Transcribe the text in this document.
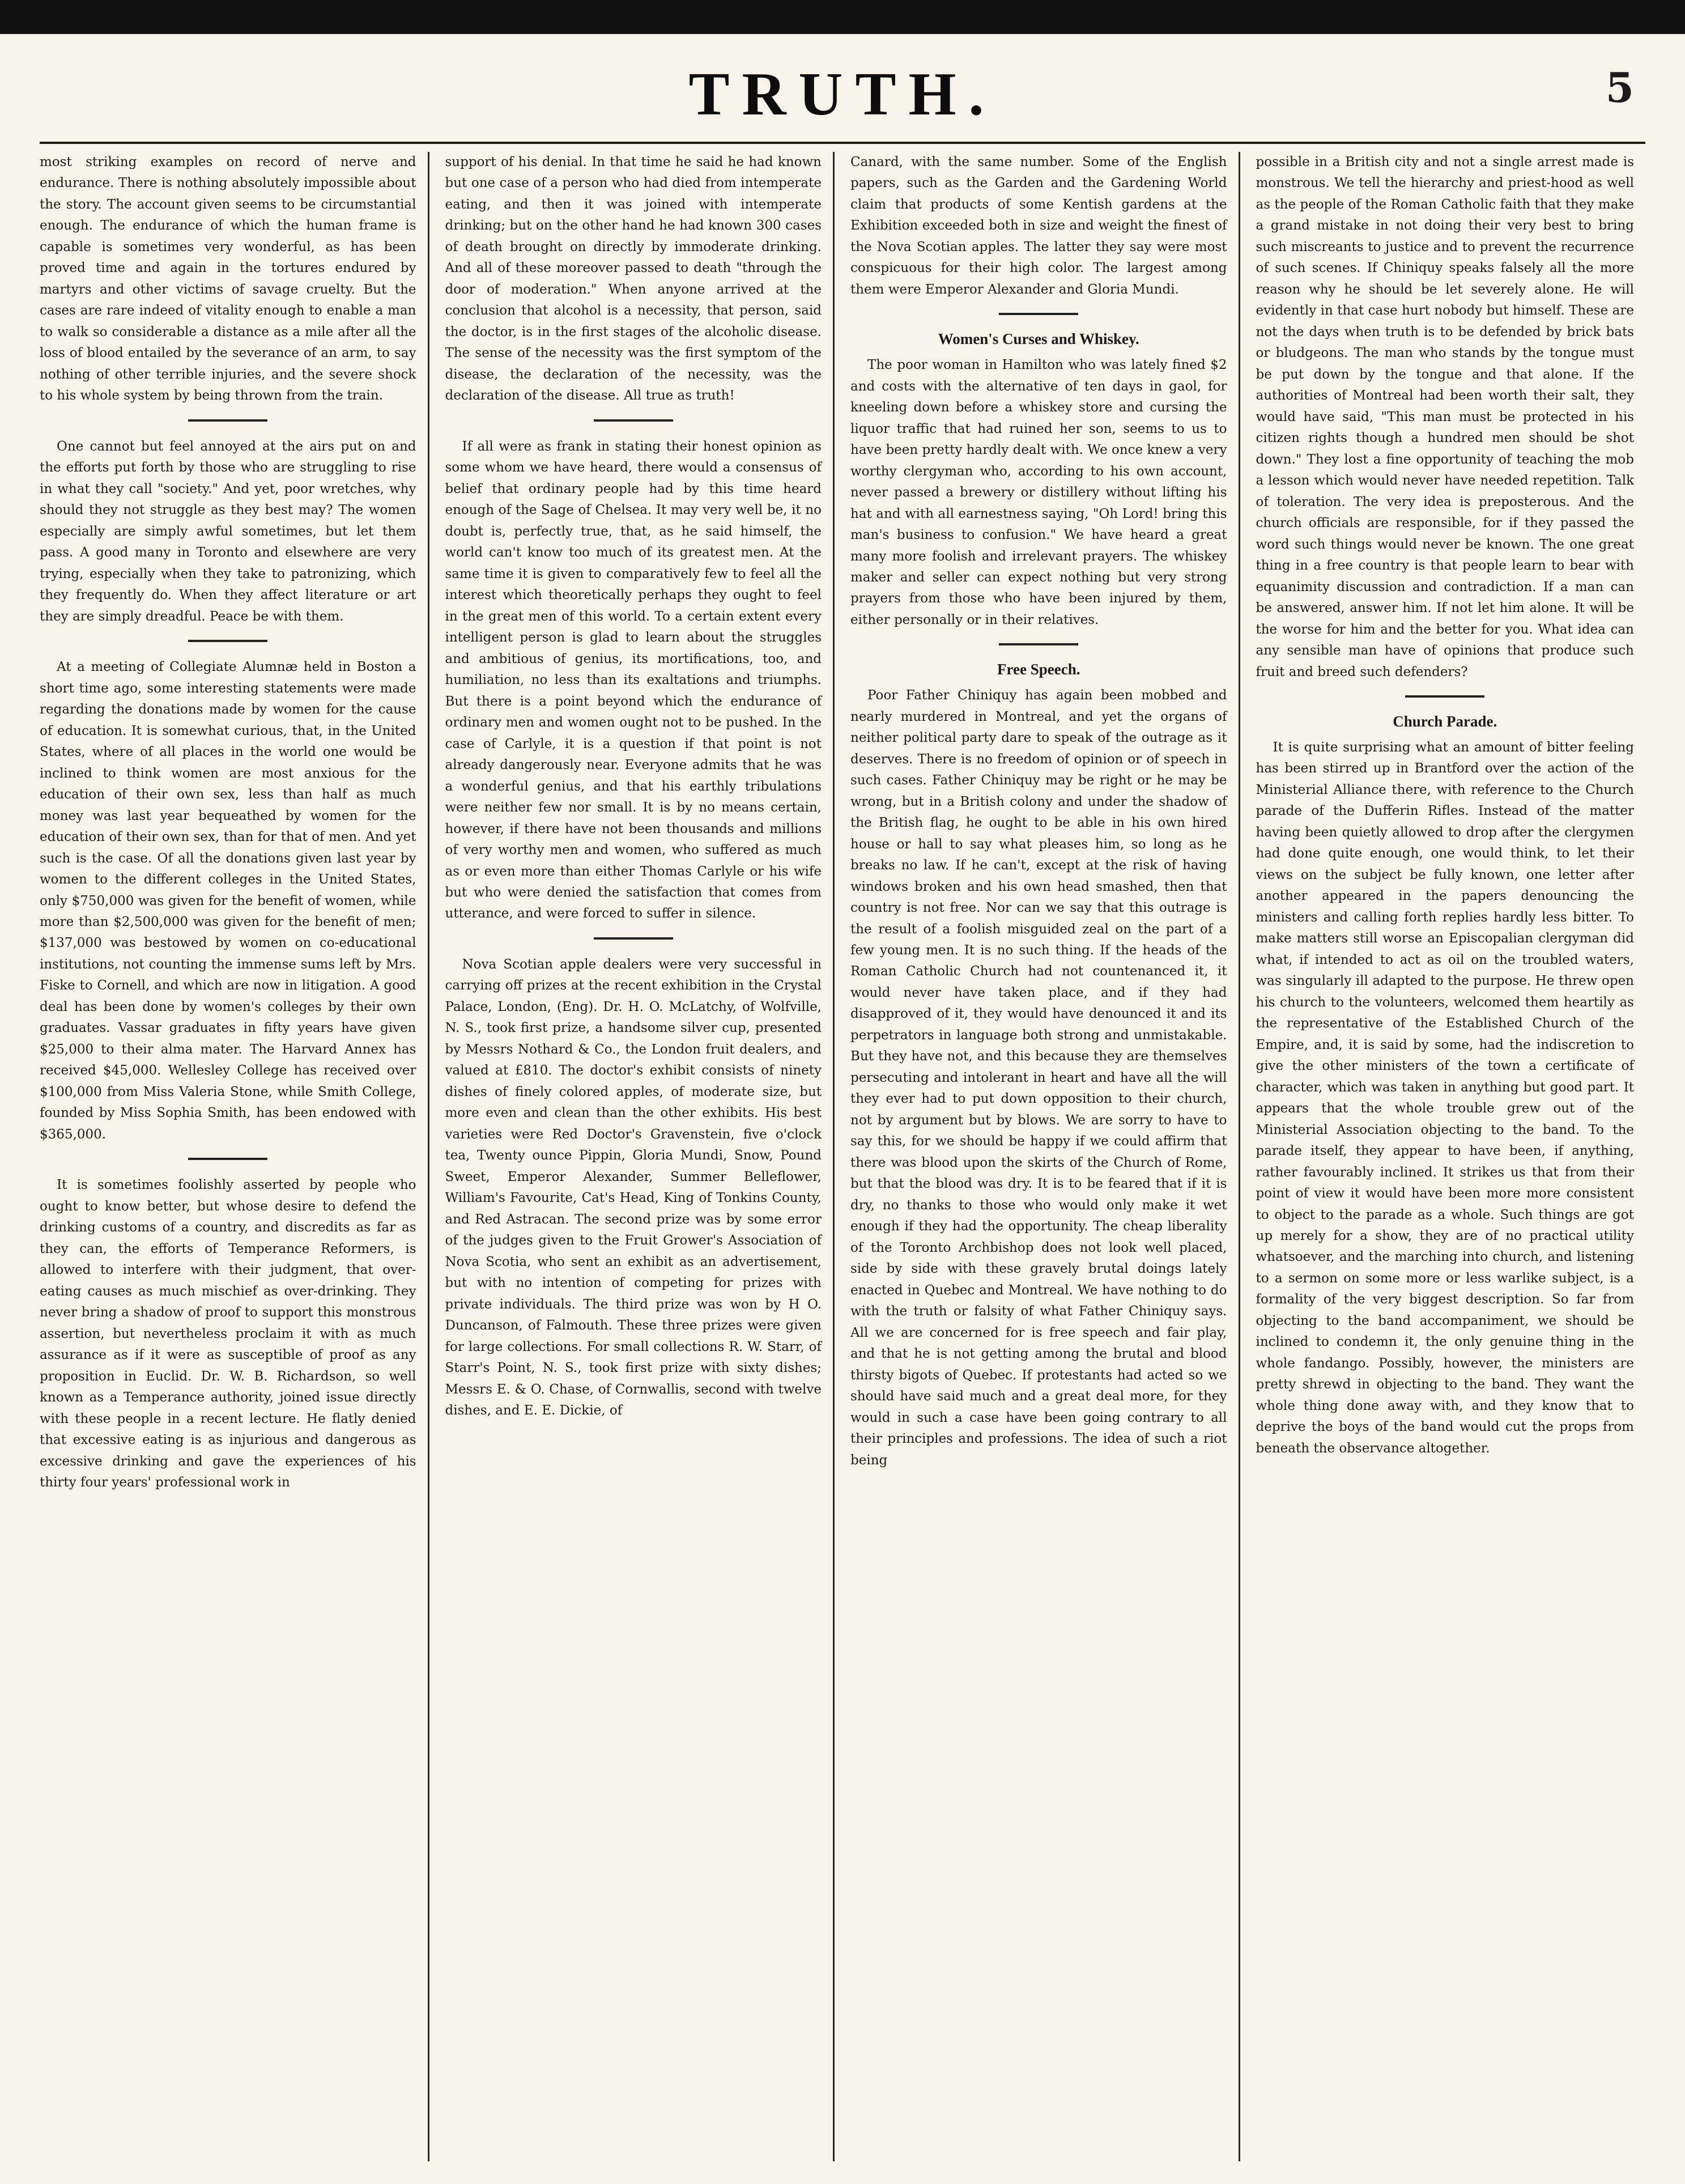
TRUTH.	5

most striking examples on record of nerve and endurance. There is nothing absolutely impossible about the story. The account given seems to be circumstantial enough. The endurance of which the human frame is capable is sometimes very wonderful, as has been proved time and again in the tortures endured by martyrs and other victims of savage cruelty. But the cases are rare indeed of vitality enough to enable a man to walk so considerable a distance as a mile after all the loss of blood entailed by the severance of an arm, to say nothing of other terrible injuries, and the severe shock to his whole system by being thrown from the train.

One cannot but feel annoyed at the airs put on and the efforts put forth by those who are struggling to rise in what they call "society." And yet, poor wretches, why should they not struggle as they best may? The women especially are simply awful sometimes, but let them pass. A good many in Toronto and elsewhere are very trying, especially when they take to patronizing, which they frequently do. When they affect literature or art they are simply dreadful. Peace be with them.

At a meeting of Collegiate Alumnæ held in Boston a short time ago, some interesting statements were made regarding the donations made by women for the cause of education. It is somewhat curious, that, in the United States, where of all places in the world one would be inclined to think women are most anxious for the education of their own sex, less than half as much money was last year bequeathed by women for the education of their own sex, than for that of men. And yet such is the case. Of all the donations given last year by women to the different colleges in the United States, only $750,000 was given for the benefit of women, while more than $2,500,000 was given for the benefit of men; $137,000 was bestowed by women on co-educational institutions, not counting the immense sums left by Mrs. Fiske to Cornell, and which are now in litigation. A good deal has been done by women's colleges by their own graduates. Vassar graduates in fifty years have given $25,000 to their alma mater. The Harvard Annex has received $45,000. Wellesley College has received over $100,000 from Miss Valeria Stone, while Smith College, founded by Miss Sophia Smith, has been endowed with $365,000.

It is sometimes foolishly asserted by people who ought to know better, but whose desire to defend the drinking customs of a country, and discredits as far as they can, the efforts of Temperance Reformers, is allowed to interfere with their judgment, that over-eating causes as much mischief as over-drinking. They never bring a shadow of proof to support this monstrous assertion, but nevertheless proclaim it with as much assurance as if it were as susceptible of proof as any proposition in Euclid. Dr. W. B. Richardson, so well known as a Temperance authority, joined issue directly with these people in a recent lecture. He flatly denied that excessive eating is as injurious and dangerous as excessive drinking and gave the experiences of his thirty four years' professional work in

support of his denial. In that time he said he had known but one case of a person who had died from intemperate eating, and then it was joined with intemperate drinking; but on the other hand he had known 300 cases of death brought on directly by immoderate drinking. And all of these moreover passed to death "through the door of moderation." When anyone arrived at the conclusion that alcohol is a necessity, that person, said the doctor, is in the first stages of the alcoholic disease. The sense of the necessity was the first symptom of the disease, the declaration of the necessity, was the declaration of the disease. All true as truth!

If all were as frank in stating their honest opinion as some whom we have heard, there would a consensus of belief that ordinary people had by this time heard enough of the Sage of Chelsea. It may very well be, it no doubt is, perfectly true, that, as he said himself, the world can't know too much of its greatest men. At the same time it is given to comparatively few to feel all the interest which theoretically perhaps they ought to feel in the great men of this world. To a certain extent every intelligent person is glad to learn about the struggles and ambitious of genius, its mortifications, too, and humiliation, no less than its exaltations and triumphs. But there is a point beyond which the endurance of ordinary men and women ought not to be pushed. In the case of Carlyle, it is a question if that point is not already dangerously near. Everyone admits that he was a wonderful genius, and that his earthly tribulations were neither few nor small. It is by no means certain, however, if there have not been thousands and millions of very worthy men and women, who suffered as much as or even more than either Thomas Carlyle or his wife but who were denied the satisfaction that comes from utterance, and were forced to suffer in silence.

Nova Scotian apple dealers were very successful in carrying off prizes at the recent exhibition in the Crystal Palace, London, (Eng). Dr. H. O. McLatchy, of Wolfville, N. S., took first prize, a handsome silver cup, presented by Messrs Nothard & Co., the London fruit dealers, and valued at £810. The doctor's exhibit consists of ninety dishes of finely colored apples, of moderate size, but more even and clean than the other exhibits. His best varieties were Red Doctor's Gravenstein, five o'clock tea, Twenty ounce Pippin, Gloria Mundi, Snow, Pound Sweet, Emperor Alexander, Summer Belleflower, William's Favourite, Cat's Head, King of Tonkins County, and Red Astracan. The second prize was by some error of the judges given to the Fruit Grower's Association of Nova Scotia, who sent an exhibit as an advertisement, but with no intention of competing for prizes with private individuals. The third prize was won by H O. Duncanson, of Falmouth. These three prizes were given for large collections. For small collections R. W. Starr, of Starr's Point, N. S., took first prize with sixty dishes; Messrs E. & O. Chase, of Cornwallis, second with twelve dishes, and E. E. Dickie, of

Canard, with the same number. Some of the English papers, such as the Garden and the Gardening World claim that products of some Kentish gardens at the Exhibition exceeded both in size and weight the finest of the Nova Scotian apples. The latter they say were most conspicuous for their high color. The largest among them were Emperor Alexander and Gloria Mundi.

Women's Curses and Whiskey.

The poor woman in Hamilton who was lately fined $2 and costs with the alternative of ten days in gaol, for kneeling down before a whiskey store and cursing the liquor traffic that had ruined her son, seems to us to have been pretty hardly dealt with. We once knew a very worthy clergyman who, according to his own account, never passed a brewery or distillery without lifting his hat and with all earnestness saying, "Oh Lord! bring this man's business to confusion." We have heard a great many more foolish and irrelevant prayers. The whiskey maker and seller can expect nothing but very strong prayers from those who have been injured by them, either personally or in their relatives.

Free Speech.

Poor Father Chiniquy has again been mobbed and nearly murdered in Montreal, and yet the organs of neither political party dare to speak of the outrage as it deserves. There is no freedom of opinion or of speech in such cases. Father Chiniquy may be right or he may be wrong, but in a British colony and under the shadow of the British flag, he ought to be able in his own hired house or hall to say what pleases him, so long as he breaks no law. If he can't, except at the risk of having windows broken and his own head smashed, then that country is not free. Nor can we say that this outrage is the result of a foolish misguided zeal on the part of a few young men. It is no such thing. If the heads of the Roman Catholic Church had not countenanced it, it would never have taken place, and if they had disapproved of it, they would have denounced it and its perpetrators in language both strong and unmistakable. But they have not, and this because they are themselves persecuting and intolerant in heart and have all the will they ever had to put down opposition to their church, not by argument but by blows. We are sorry to have to say this, for we should be happy if we could affirm that there was blood upon the skirts of the Church of Rome, but that the blood was dry. It is to be feared that if it is dry, no thanks to those who would only make it wet enough if they had the opportunity. The cheap liberality of the Toronto Archbishop does not look well placed, side by side with these gravely brutal doings lately enacted in Quebec and Montreal. We have nothing to do with the truth or falsity of what Father Chiniquy says. All we are concerned for is free speech and fair play, and that he is not getting among the brutal and blood thirsty bigots of Quebec. If protestants had acted so we should have said much and a great deal more, for they would in such a case have been going contrary to all their principles and professions. The idea of such a riot being

possible in a British city and not a single arrest made is monstrous. We tell the hierarchy and priest-hood as well as the people of the Roman Catholic faith that they make a grand mistake in not doing their very best to bring such miscreants to justice and to prevent the recurrence of such scenes. If Chiniquy speaks falsely all the more reason why he should be let severely alone. He will evidently in that case hurt nobody but himself. These are not the days when truth is to be defended by brick bats or bludgeons. The man who stands by the tongue must be put down by the tongue and that alone. If the authorities of Montreal had been worth their salt, they would have said, "This man must be protected in his citizen rights though a hundred men should be shot down." They lost a fine opportunity of teaching the mob a lesson which would never have needed repetition. Talk of toleration. The very idea is preposterous. And the church officials are responsible, for if they passed the word such things would never be known. The one great thing in a free country is that people learn to bear with equanimity discussion and contradiction. If a man can be answered, answer him. If not let him alone. It will be the worse for him and the better for you. What idea can any sensible man have of opinions that produce such fruit and breed such defenders?

Church Parade.

It is quite surprising what an amount of bitter feeling has been stirred up in Brantford over the action of the Ministerial Alliance there, with reference to the Church parade of the Dufferin Rifles. Instead of the matter having been quietly allowed to drop after the clergymen had done quite enough, one would think, to let their views on the subject be fully known, one letter after another appeared in the papers denouncing the ministers and calling forth replies hardly less bitter. To make matters still worse an Episcopalian clergyman did what, if intended to act as oil on the troubled waters, was singularly ill adapted to the purpose. He threw open his church to the volunteers, welcomed them heartily as the representative of the Established Church of the Empire, and, it is said by some, had the indiscretion to give the other ministers of the town a certificate of character, which was taken in anything but good part. It appears that the whole trouble grew out of the Ministerial Association objecting to the band. To the parade itself, they appear to have been, if anything, rather favourably inclined. It strikes us that from their point of view it would have been more more consistent to object to the parade as a whole. Such things are got up merely for a show, they are of no practical utility whatsoever, and the marching into church, and listening to a sermon on some more or less warlike subject, is a formality of the very biggest description. So far from objecting to the band accompaniment, we should be inclined to condemn it, the only genuine thing in the whole fandango. Possibly, however, the ministers are pretty shrewd in objecting to the band. They want the whole thing done away with, and they know that to deprive the boys of the band would cut the props from beneath the observance altogether.
